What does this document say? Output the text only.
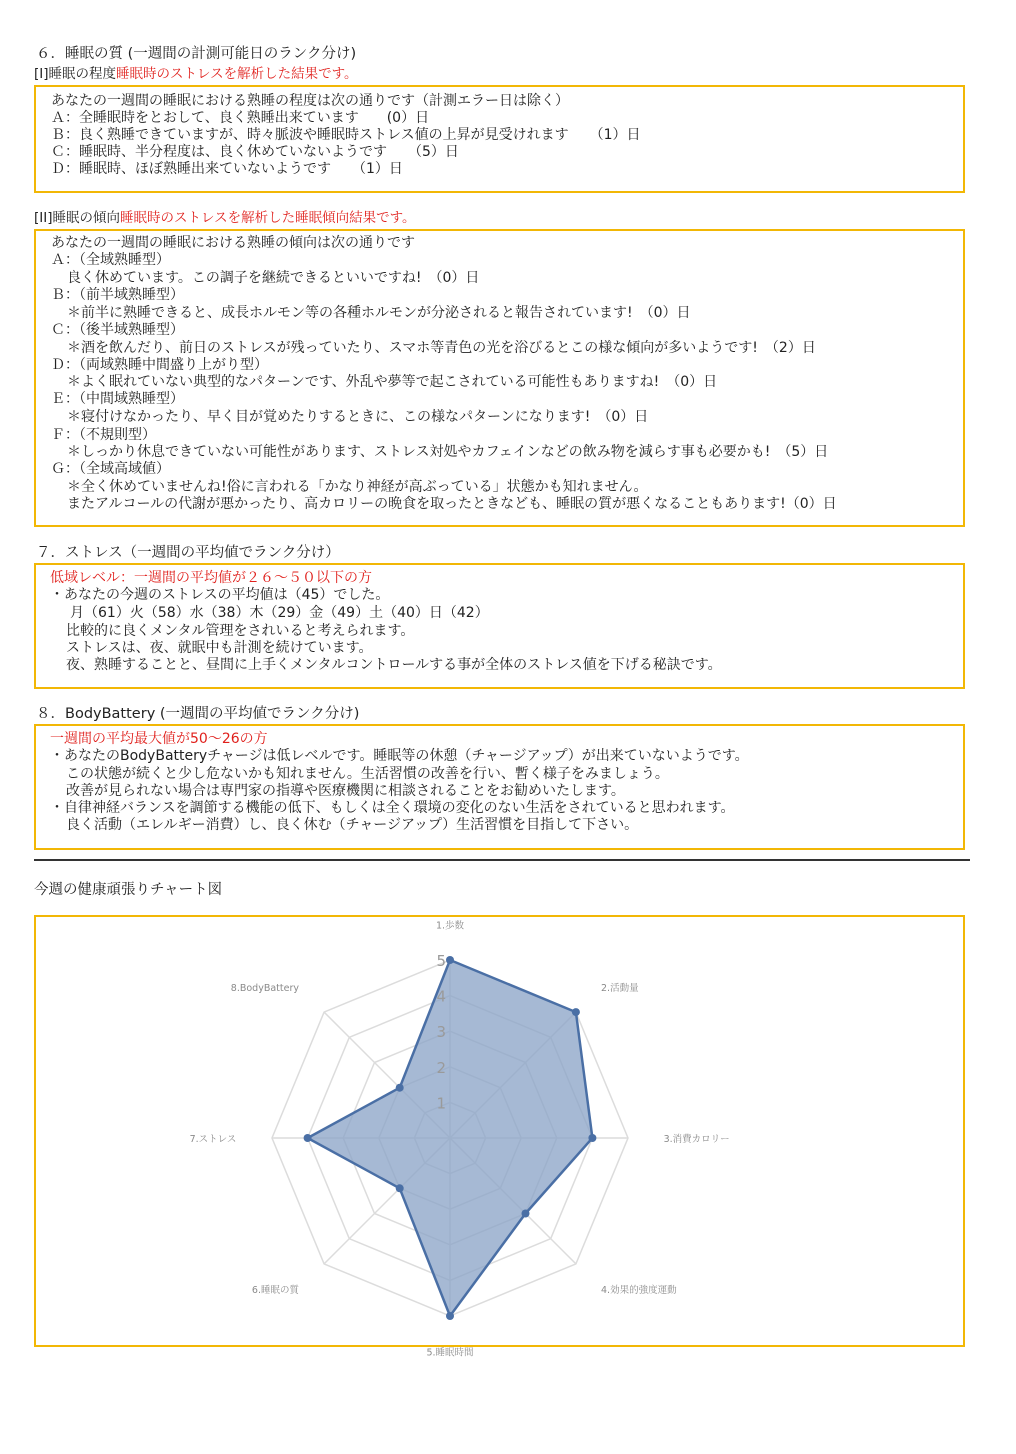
６．睡眠の質 (一週間の計測可能日のランク分け)
[I]睡眠の程度睡眠時のストレスを解析した結果です。
あなたの一週間の睡眠における熟睡の程度は次の通りです（計測エラー日は除く）
Ａ：全睡眠時をとおして、良く熟睡出来ています　　(0）日
Ｂ：良く熟睡できていますが、時々脈波や睡眠時ストレス値の上昇が見受けれます　　（1）日
Ｃ：睡眠時、半分程度は、良く休めていないようです　　（5）日
Ｄ：睡眠時、ほぼ熟睡出来ていないようです　　（1）日
[II]睡眠の傾向睡眠時のストレスを解析した睡眠傾向結果です。
あなたの一週間の睡眠における熟睡の傾向は次の通りです
Ａ：（全域熟睡型）
良く休めています。この調子を継続できるといいですね!　（0）日
Ｂ：（前半域熟睡型）
＊前半に熟睡できると、成長ホルモン等の各種ホルモンが分泌されると報告されています!　（0）日
Ｃ：（後半域熟睡型）
＊酒を飲んだり、前日のストレスが残っていたり、スマホ等青色の光を浴びるとこの様な傾向が多いようです!　（2）日
Ｄ：（両域熟睡中間盛り上がり型）
＊よく眠れていない典型的なパターンです、外乱や夢等で起こされている可能性もありますね!　（0）日
Ｅ：（中間域熟睡型）
＊寝付けなかったり、早く目が覚めたりするときに、この様なパターンになります!　（0）日
Ｆ：（不規則型）
＊しっかり休息できていない可能性があります、ストレス対処やカフェインなどの飲み物を減らす事も必要かも!　（5）日
Ｇ：（全域高域値）
＊全く休めていませんね!俗に言われる「かなり神経が高ぶっている」状態かも知れません。
またアルコールの代謝が悪かったり、高カロリーの晩食を取ったときなども、睡眠の質が悪くなることもあります!（0）日
７．ストレス（一週間の平均値でランク分け）
低域レベル：一週間の平均値が２６～５０以下の方
・あなたの今週のストレスの平均値は（45）でした。
月（61）火（58）水（38）木（29）金（49）土（40）日（42）
比較的に良くメンタル管理をされいると考えられます。
ストレスは、夜、就眠中も計測を続けています。
夜、熟睡することと、昼間に上手くメンタルコントロールする事が全体のストレス値を下げる秘訣です。
８．BodyBattery (一週間の平均値でランク分け)
一週間の平均最大値が50～26の方
・あなたのBodyBatteryチャージは低レベルです。睡眠等の休憩（チャージアップ）が出来ていないようです。
この状態が続くと少し危ないかも知れません。生活習慣の改善を行い、暫く様子をみましょう。
改善が見られない場合は専門家の指導や医療機関に相談されることをお勧めいたします。
・自律神経バランスを調節する機能の低下、もしくは全く環境の変化のない生活をされていると思われます。
良く活動（エレルギー消費）し、良く休む（チャージアップ）生活習慣を目指して下さい。
今週の健康頑張りチャート図
1
2
3
4
5
1.歩数
2.活動量
3.消費カロリー
4.効果的強度運動
5.睡眠時間
6.睡眠の質
7.ストレス
8.BodyBattery
